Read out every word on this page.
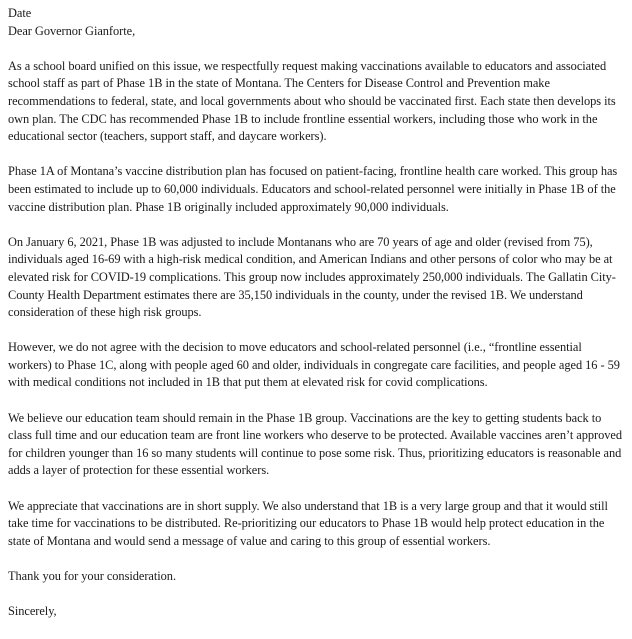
Date

Dear Governor Gianforte,

As a school board unified on this issue, we respectfully request making vaccinations available to educators and associated school staff as part of Phase 1B in the state of Montana. The Centers for Disease Control and Prevention make recommendations to federal, state, and local governments about who should be vaccinated first. Each state then develops its own plan. The CDC has recommended Phase 1B to include frontline essential workers, including those who work in the educational sector (teachers, support staff, and daycare workers).

Phase 1A of Montana’s vaccine distribution plan has focused on patient-facing, frontline health care worked. This group has been estimated to include up to 60,000 individuals. Educators and school-related personnel were initially in Phase 1B of the vaccine distribution plan. Phase 1B originally included approximately 90,000 individuals.

On January 6, 2021, Phase 1B was adjusted to include Montanans who are 70 years of age and older (revised from 75), individuals aged 16-69 with a high-risk medical condition, and American Indians and other persons of color who may be at elevated risk for COVID-19 complications. This group now includes approximately 250,000 individuals. The Gallatin City-County Health Department estimates there are 35,150 individuals in the county, under the revised 1B. We understand consideration of these high risk groups.

However, we do not agree with the decision to move educators and school-related personnel (i.e., “frontline essential workers) to Phase 1C, along with people aged 60 and older, individuals in congregate care facilities, and people aged 16 - 59 with medical conditions not included in 1B that put them at elevated risk for covid complications.

We believe our education team should remain in the Phase 1B group. Vaccinations are the key to getting students back to class full time and our education team are front line workers who deserve to be protected. Available vaccines aren’t approved for children younger than 16 so many students will continue to pose some risk. Thus, prioritizing educators is reasonable and adds a layer of protection for these essential workers.

We appreciate that vaccinations are in short supply. We also understand that 1B is a very large group and that it would still take time for vaccinations to be distributed. Re-prioritizing our educators to Phase 1B would help protect education in the state of Montana and would send a message of value and caring to this group of essential workers.

Thank you for your consideration.

Sincerely,
